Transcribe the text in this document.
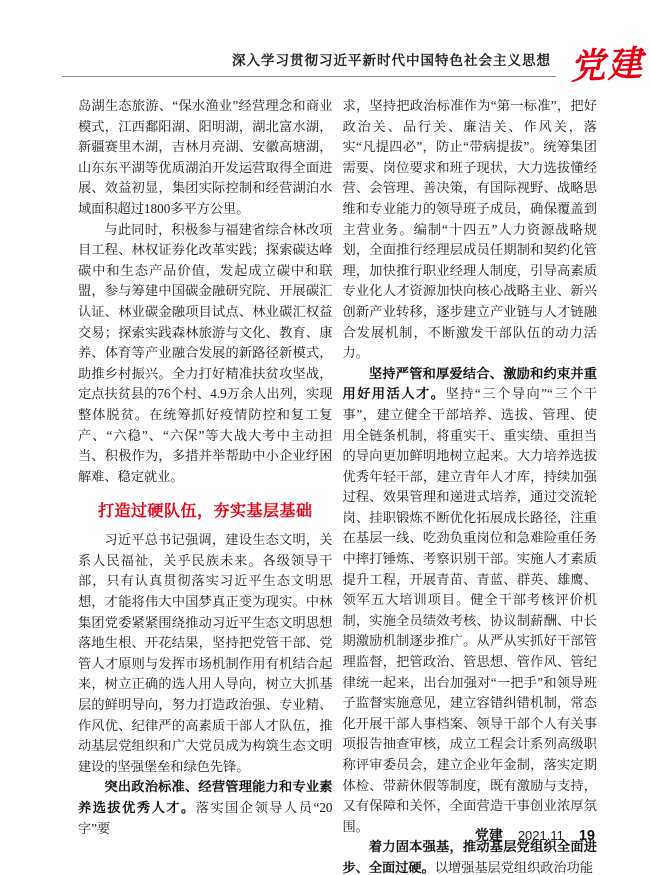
深入学习贯彻习近平新时代中国特色社会主义思想 党建

岛湖生态旅游、“保水渔业”经营理念和商业模式，江西鄱阳湖、阳明湖，湖北富水湖，新疆赛里木湖，吉林月亮湖、安徽高塘湖，山东东平湖等优质湖泊开发运营取得全面进展、效益初显，集团实际控制和经营湖泊水域面积超过1800多平方公里。

与此同时，积极参与福建省综合林改项目工程、林权证券化改革实践；探索碳达峰碳中和生态产品价值，发起成立碳中和联盟，参与筹建中国碳金融研究院、开展碳汇认证、林业碳金融项目试点、林业碳汇权益交易；探索实践森林旅游与文化、教育、康养、体育等产业融合发展的新路径新模式，助推乡村振兴。全力打好精准扶贫攻坚战，定点扶贫县的76个村、4.9万余人出列，实现整体脱贫。在统筹抓好疫情防控和复工复产、“六稳”、“六保”等大战大考中主动担当、积极作为，多措并举帮助中小企业纾困解难、稳定就业。

打造过硬队伍，夯实基层基础

习近平总书记强调，建设生态文明，关系人民福祉，关乎民族未来。各级领导干部，只有认真贯彻落实习近平生态文明思想，才能将伟大中国梦真正变为现实。中林集团党委紧紧围绕推动习近平生态文明思想落地生根、开花结果，坚持把党管干部、党管人才原则与发挥市场机制作用有机结合起来，树立正确的选人用人导向，树立大抓基层的鲜明导向，努力打造政治强、专业精、作风优、纪律严的高素质干部人才队伍，推动基层党组织和广大党员成为构筑生态文明建设的坚强堡垒和绿色先锋。

突出政治标准、经营管理能力和专业素养选拔优秀人才。落实国企领导人员“20字”要

求，坚持把政治标准作为“第一标准”，把好政治关、品行关、廉洁关、作风关，落实“凡提四必”，防止“带病提拔”。统筹集团需要、岗位要求和班子现状，大力选拔懂经营、会管理、善决策，有国际视野、战略思维和专业能力的领导班子成员，确保覆盖到主营业务。编制“十四五”人力资源战略规划，全面推行经理层成员任期制和契约化管理，加快推行职业经理人制度，引导高素质专业化人才资源加快向核心战略主业、新兴创新产业转移，逐步建立产业链与人才链融合发展机制，不断激发干部队伍的动力活力。

坚持严管和厚爱结合、激励和约束并重用好用活人才。坚持“三个导向”“三个干事”，建立健全干部培养、选拔、管理、使用全链条机制，将重实干、重实绩、重担当的导向更加鲜明地树立起来。大力培养选拔优秀年轻干部，建立青年人才库，持续加强过程、效果管理和递进式培养，通过交流轮岗、挂职锻炼不断优化拓展成长路径，注重在基层一线、吃劲负重岗位和急难险重任务中摔打锤炼、考察识别干部。实施人才素质提升工程，开展青苗、青蓝、群英、雄鹰、领军五大培训项目。健全干部考核评价机制，实施全员绩效考核、协议制薪酬、中长期激励机制逐步推广。从严从实抓好干部管理监督，把管政治、管思想、管作风、管纪律统一起来，出台加强对“一把手”和领导班子监督实施意见，建立容错纠错机制，常态化开展干部人事档案、领导干部个人有关事项报告抽查审核，成立工程会计系列高级职称评审委员会，建立企业年金制，落实定期体检、带薪休假等制度，既有激励与支持，又有保障和关怀，全面营造干事创业浓厚氛围。

着力固本强基，推动基层党组织全面进步、全面过硬。以增强基层党组织政治功能

党建 2021.11 19
